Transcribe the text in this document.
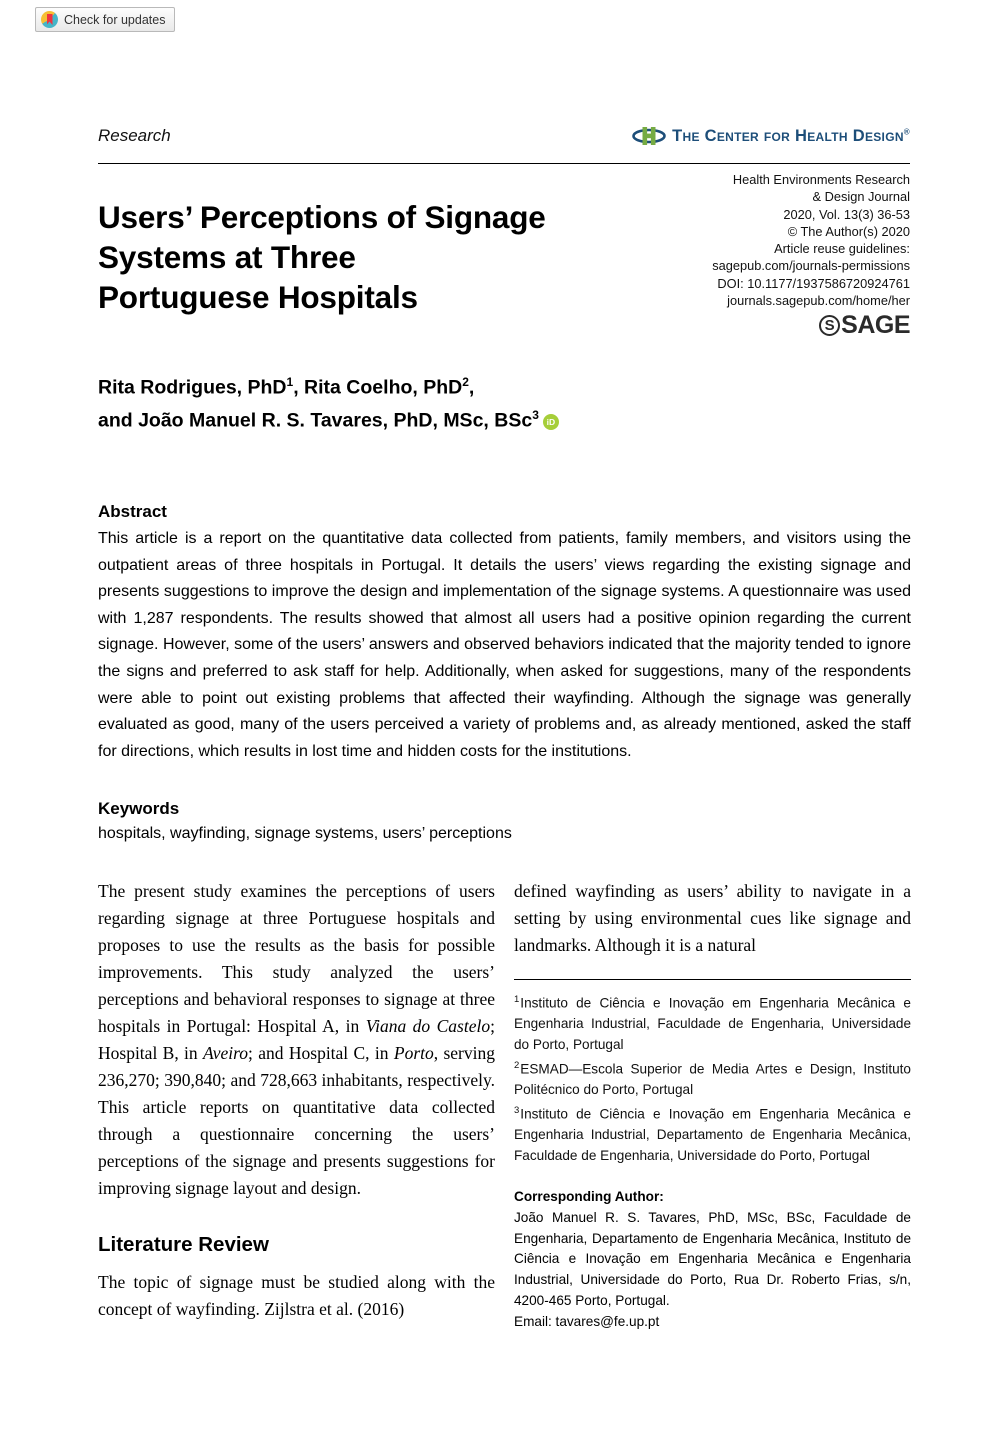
Check for updates
Research	The Center for Health Design®
Health Environments Research
& Design Journal
2020, Vol. 13(3) 36-53
© The Author(s) 2020
Article reuse guidelines:
sagepub.com/journals-permissions
DOI: 10.1177/1937586720924761
journals.sagepub.com/home/her
S SAGE
Users’ Perceptions of Signage
Systems at Three
Portuguese Hospitals
Rita Rodrigues, PhD$^1$, Rita Coelho, PhD$^2$,
and João Manuel R. S. Tavares, PhD, MSc, BSc$^3$ iD
Abstract
This article is a report on the quantitative data collected from patients, family members, and visitors using the outpatient areas of three hospitals in Portugal. It details the users’ views regarding the existing signage and presents suggestions to improve the design and implementation of the signage systems. A questionnaire was used with 1,287 respondents. The results showed that almost all users had a positive opinion regarding the current signage. However, some of the users’ answers and observed behaviors indicated that the majority tended to ignore the signs and preferred to ask staff for help. Additionally, when asked for suggestions, many of the respondents were able to point out existing problems that affected their wayfinding. Although the signage was generally evaluated as good, many of the users perceived a variety of problems and, as already mentioned, asked the staff for directions, which results in lost time and hidden costs for the institutions.
Keywords
hospitals, wayfinding, signage systems, users’ perceptions

The present study examines the perceptions of users regarding signage at three Portuguese hospitals and proposes to use the results as the basis for possible improvements. This study analyzed the users’ perceptions and behavioral responses to signage at three hospitals in Portugal: Hospital A, in Viana do Castelo; Hospital B, in Aveiro; and Hospital C, in Porto, serving 236,270; 390,840; and 728,663 inhabitants, respectively. This article reports on quantitative data collected through a questionnaire concerning the users’ perceptions of the signage and presents suggestions for improving signage layout and design.

Literature Review

The topic of signage must be studied along with the concept of wayfinding. Zijlstra et al. (2016)

defined wayfinding as users’ ability to navigate in a setting by using environmental cues like signage and landmarks. Although it is a natural

$^1$Instituto de Ciência e Inovação em Engenharia Mecânica e Engenharia Industrial, Faculdade de Engenharia, Universidade do Porto, Portugal
$^2$ESMAD—Escola Superior de Media Artes e Design, Instituto Politécnico do Porto, Portugal
$^3$Instituto de Ciência e Inovação em Engenharia Mecânica e Engenharia Industrial, Departamento de Engenharia Mecânica, Faculdade de Engenharia, Universidade do Porto, Portugal
Corresponding Author:
João Manuel R. S. Tavares, PhD, MSc, BSc, Faculdade de Engenharia, Departamento de Engenharia Mecânica, Instituto de Ciência e Inovação em Engenharia Mecânica e Engenharia Industrial, Universidade do Porto, Rua Dr. Roberto Frias, s/n, 4200-465 Porto, Portugal.
Email: tavares@fe.up.pt
